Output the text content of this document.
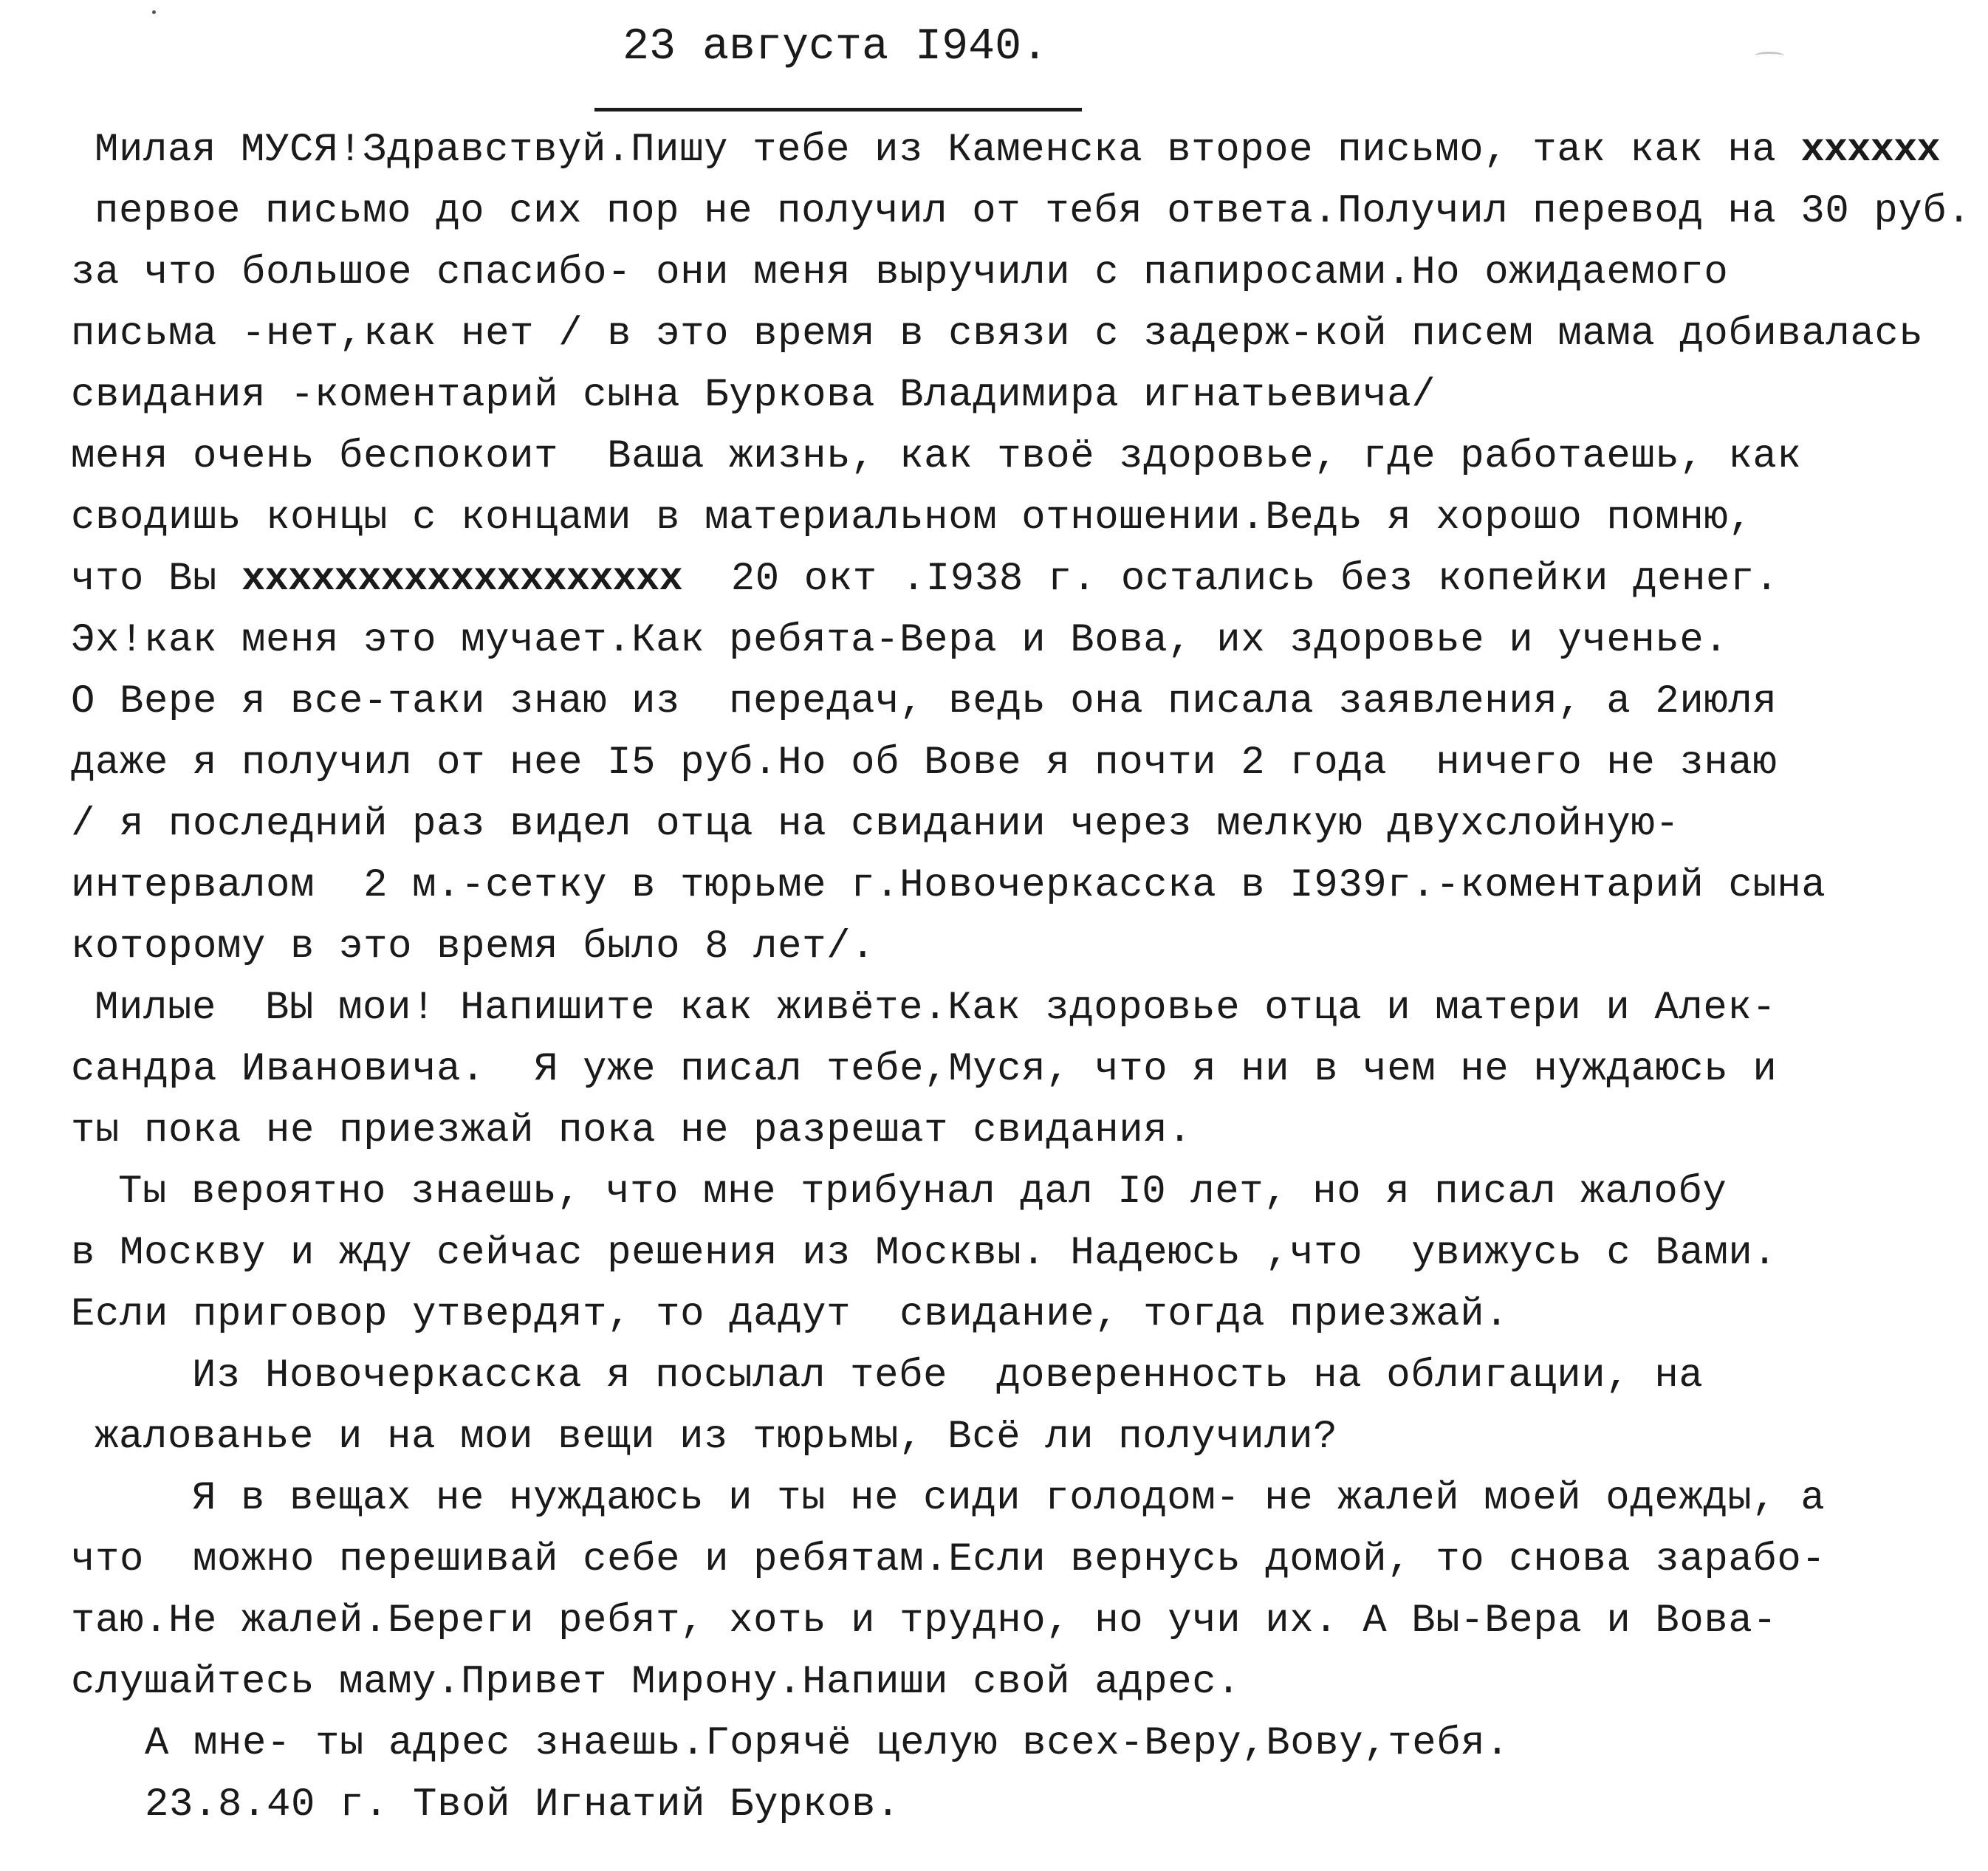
23 августа I940.
Милая МУСЯ!Здравствуй.Пишу тебе из Каменска второе письмо, так как на xxxxxx
первое письмо до сих пор не получил от тебя ответа.Получил перевод на 30 руб.
за что большое спасибо- они меня выручили с папиросами.Но ожидаемого
письма -нет,как нет / в это время в связи с задерж-кой писем мама добивалась
свидания -коментарий сына Буркова Владимира игнатьевича/
меня очень беспокоит  Ваша жизнь, как твоё здоровье, где работаешь, как
сводишь концы с концами в материальном отношении.Ведь я хорошо помню,
что Вы xxxxxxxxxxxxxxxxxxx  20 окт .I938 г. остались без копейки денег.
Эх!как меня это мучает.Как ребята-Вера и Вова, их здоровье и ученье.
О Вере я все-таки знаю из  передач, ведь она писала заявления, а 2июля
даже я получил от нее I5 руб.Но об Вове я почти 2 года  ничего не знаю
/ я последний раз видел отца на свидании через мелкую двухслойную-
интервалом  2 м.-сетку в тюрьме г.Новочеркасска в I939г.-коментарий сына
которому в это время было 8 лет/.
Милые  ВЫ мои! Напишите как живёте.Как здоровье отца и матери и Алек-
сандра Ивановича.  Я уже писал тебе,Муся, что я ни в чем не нуждаюсь и
ты пока не приезжай пока не разрешат свидания.
Ты вероятно знаешь, что мне трибунал дал I0 лет, но я писал жалобу
в Москву и жду сейчас решения из Москвы. Надеюсь ,что  увижусь с Вами.
Если приговор утвердят, то дадут  свидание, тогда приезжай.
Из Новочеркасска я посылал тебе  доверенность на облигации, на
жалованье и на мои вещи из тюрьмы, Всё ли получили?
Я в вещах не нуждаюсь и ты не сиди голодом- не жалей моей одежды, а
что  можно перешивай себе и ребятам.Если вернусь домой, то снова зарабо-
таю.Не жалей.Береги ребят, хоть и трудно, но учи их. А Вы-Вера и Вова-
слушайтесь маму.Привет Мирону.Напиши свой адрес.
А мне- ты адрес знаешь.Горячё целую всех-Веру,Вову,тебя.
23.8.40 г. Твой Игнатий Бурков.
